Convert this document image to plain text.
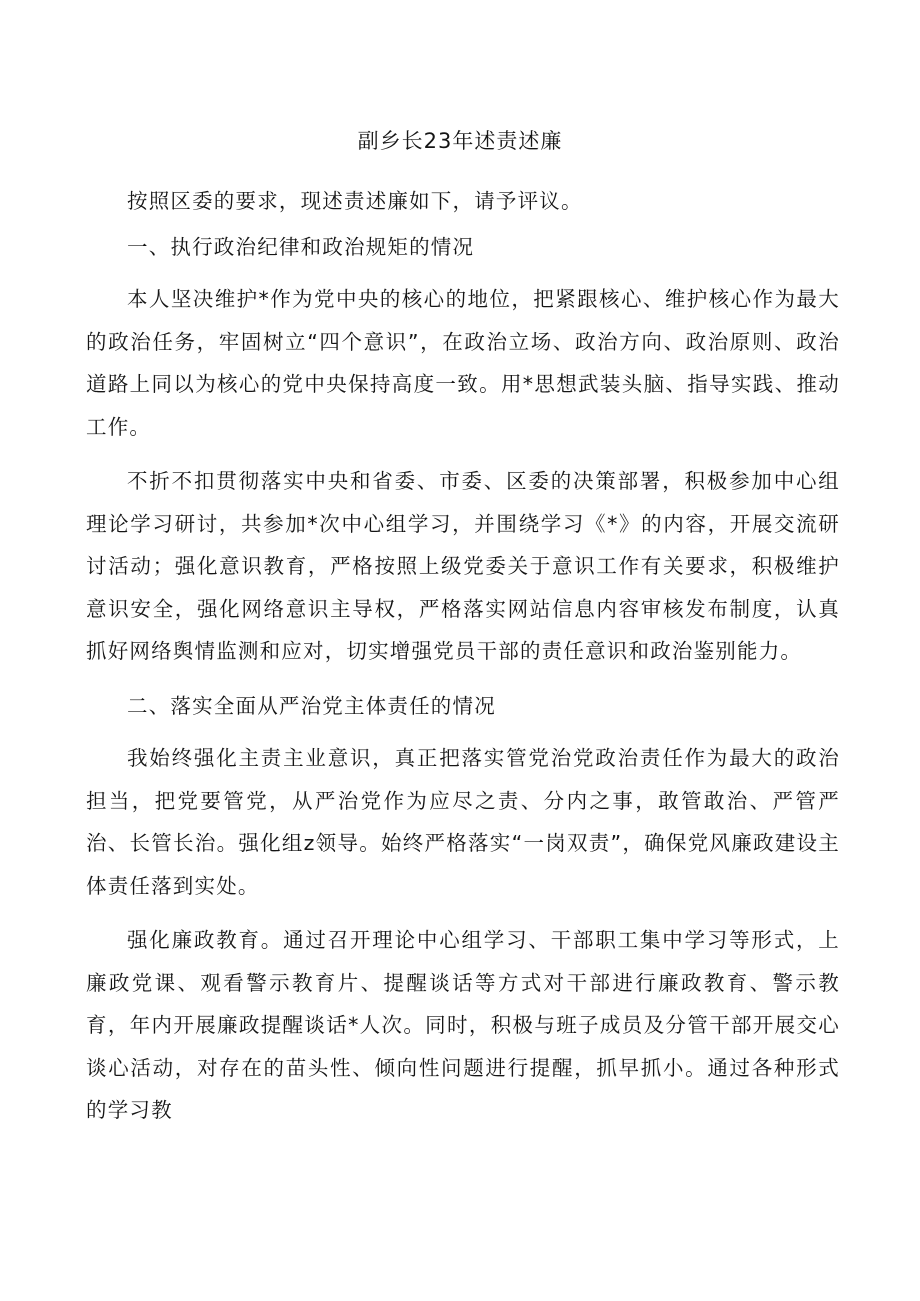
副乡长23年述责述廉

按照区委的要求，现述责述廉如下，请予评议。

一、执行政治纪律和政治规矩的情况

本人坚决维护*作为党中央的核心的地位，把紧跟核心、维护核心作为最大的政治任务，牢固树立“四个意识”，在政治立场、政治方向、政治原则、政治道路上同以为核心的党中央保持高度一致。用*思想武装头脑、指导实践、推动工作。

不折不扣贯彻落实中央和省委、市委、区委的决策部署，积极参加中心组理论学习研讨，共参加*次中心组学习，并围绕学习《*》的内容，开展交流研讨活动；强化意识教育，严格按照上级党委关于意识工作有关要求，积极维护意识安全，强化网络意识主导权，严格落实网站信息内容审核发布制度，认真抓好网络舆情监测和应对，切实增强党员干部的责任意识和政治鉴别能力。

二、落实全面从严治党主体责任的情况

我始终强化主责主业意识，真正把落实管党治党政治责任作为最大的政治担当，把党要管党，从严治党作为应尽之责、分内之事，敢管敢治、严管严治、长管长治。强化组z领导。始终严格落实“一岗双责”，确保党风廉政建设主体责任落到实处。

强化廉政教育。通过召开理论中心组学习、干部职工集中学习等形式，上廉政党课、观看警示教育片、提醒谈话等方式对干部进行廉政教育、警示教育，年内开展廉政提醒谈话*人次。同时，积极与班子成员及分管干部开展交心谈心活动，对存在的苗头性、倾向性问题进行提醒，抓早抓小。通过各种形式的学习教
